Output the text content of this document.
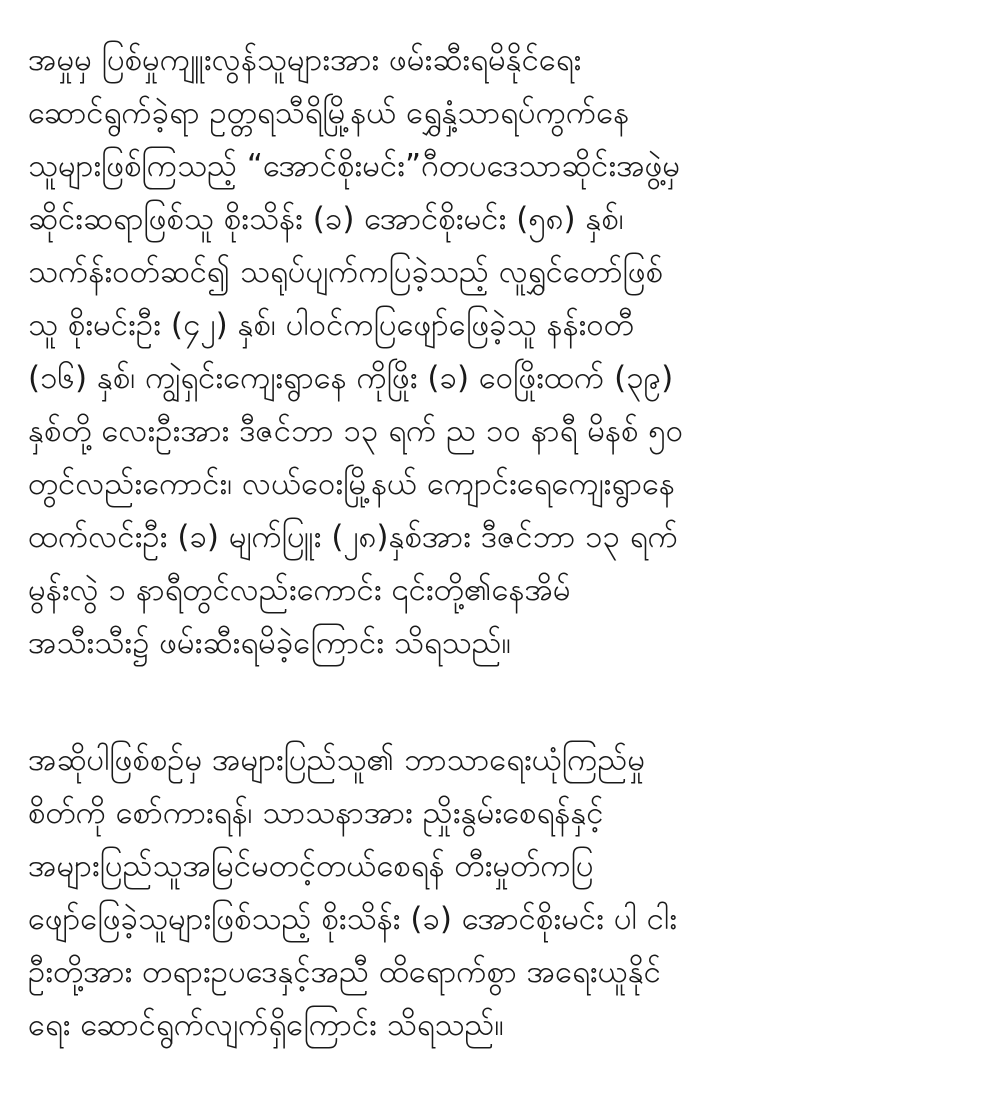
အမှုမှ ပြစ်မှုကျူးလွန်သူများအား ဖမ်းဆီးရမိနိုင်ရေး
ဆောင်ရွက်ခဲ့ရာ ဥတ္တရသီရိမြို့နယ် ရွှေနှံ့သာရပ်ကွက်နေ
သူများဖြစ်ကြသည့် “အောင်စိုးမင်း”ဂီတပဒေသာဆိုင်းအဖွဲ့မှ
ဆိုင်းဆရာဖြစ်သူ စိုးသိန်း (ခ) အောင်စိုးမင်း (၅၈) နှစ်၊
သက်န်းဝတ်ဆင်၍ သရုပ်ပျက်ကပြခဲ့သည့် လူရွှင်တော်ဖြစ်
သူ စိုးမင်းဦး (၄၂) နှစ်၊ ပါဝင်ကပြဖျော်ဖြေခဲ့သူ နန်းဝတီ
(၁၆) နှစ်၊ ကျွဲရှင်းကျေးရွာနေ ကိုဖြိုး (ခ) ဝေဖြိုးထက် (၃၉)
နှစ်တို့ လေးဦးအား ဒီဇင်ဘာ ၁၃ ရက် ည ၁၀ နာရီ မိနစ် ၅၀
တွင်လည်းကောင်း၊ လယ်ဝေးမြို့နယ် ကျောင်းရေကျေးရွာနေ
ထက်လင်းဦး (ခ) မျက်ပြူး (၂၈)နှစ်အား ဒီဇင်ဘာ ၁၃ ရက်
မွန်းလွဲ ၁ နာရီတွင်လည်းကောင်း ၎င်းတို့၏နေအိမ်
အသီးသီး၌ ဖမ်းဆီးရမိခဲ့ကြောင်း သိရသည်။
အဆိုပါဖြစ်စဉ်မှ အများပြည်သူ၏ ဘာသာရေးယုံကြည်မှု
စိတ်ကို စော်ကားရန်၊ သာသနာအား ညှိုးနွမ်းစေရန်နှင့်
အများပြည်သူအမြင်မတင့်တယ်စေရန် တီးမှုတ်ကပြ
ဖျော်ဖြေခဲ့သူများဖြစ်သည့် စိုးသိန်း (ခ) အောင်စိုးမင်း ပါ ငါး
ဦးတို့အား တရားဥပဒေနှင့်အညီ ထိရောက်စွာ အရေးယူနိုင်
ရေး ဆောင်ရွက်လျက်ရှိကြောင်း သိရသည်။
